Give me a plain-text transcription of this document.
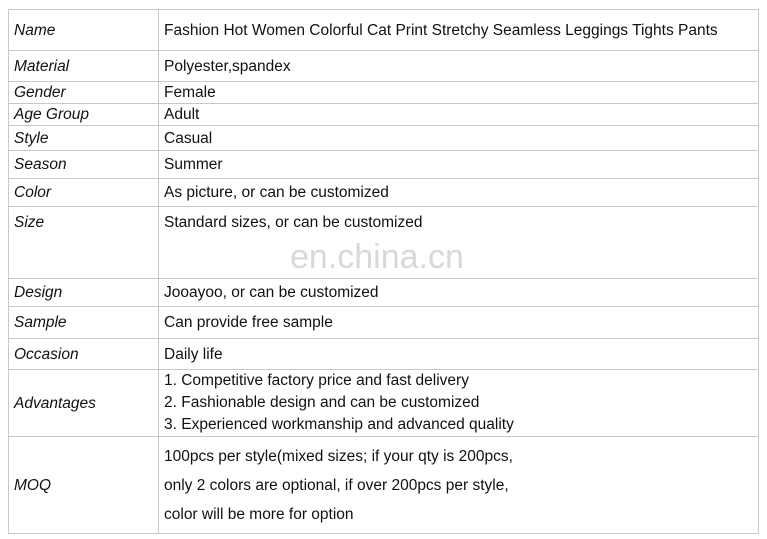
Name	Fashion Hot Women Colorful Cat Print Stretchy Seamless Leggings Tights Pants
Material	Polyester,spandex
Gender	Female
Age Group	Adult
Style	Casual
Season	Summer
Color	As picture, or can be customized
Size	Standard sizes, or can be customized
Design	Jooayoo, or can be customized
Sample	Can provide free sample
Occasion	Daily life
Advantages	1. Competitive factory price and fast delivery
2. Fashionable design and can be customized
3. Experienced workmanship and advanced quality

MOQ	100pcs per style(mixed sizes; if your qty is 200pcs,
only 2 colors are optional, if over 200pcs per style,
color will be more for option
en.china.cn
